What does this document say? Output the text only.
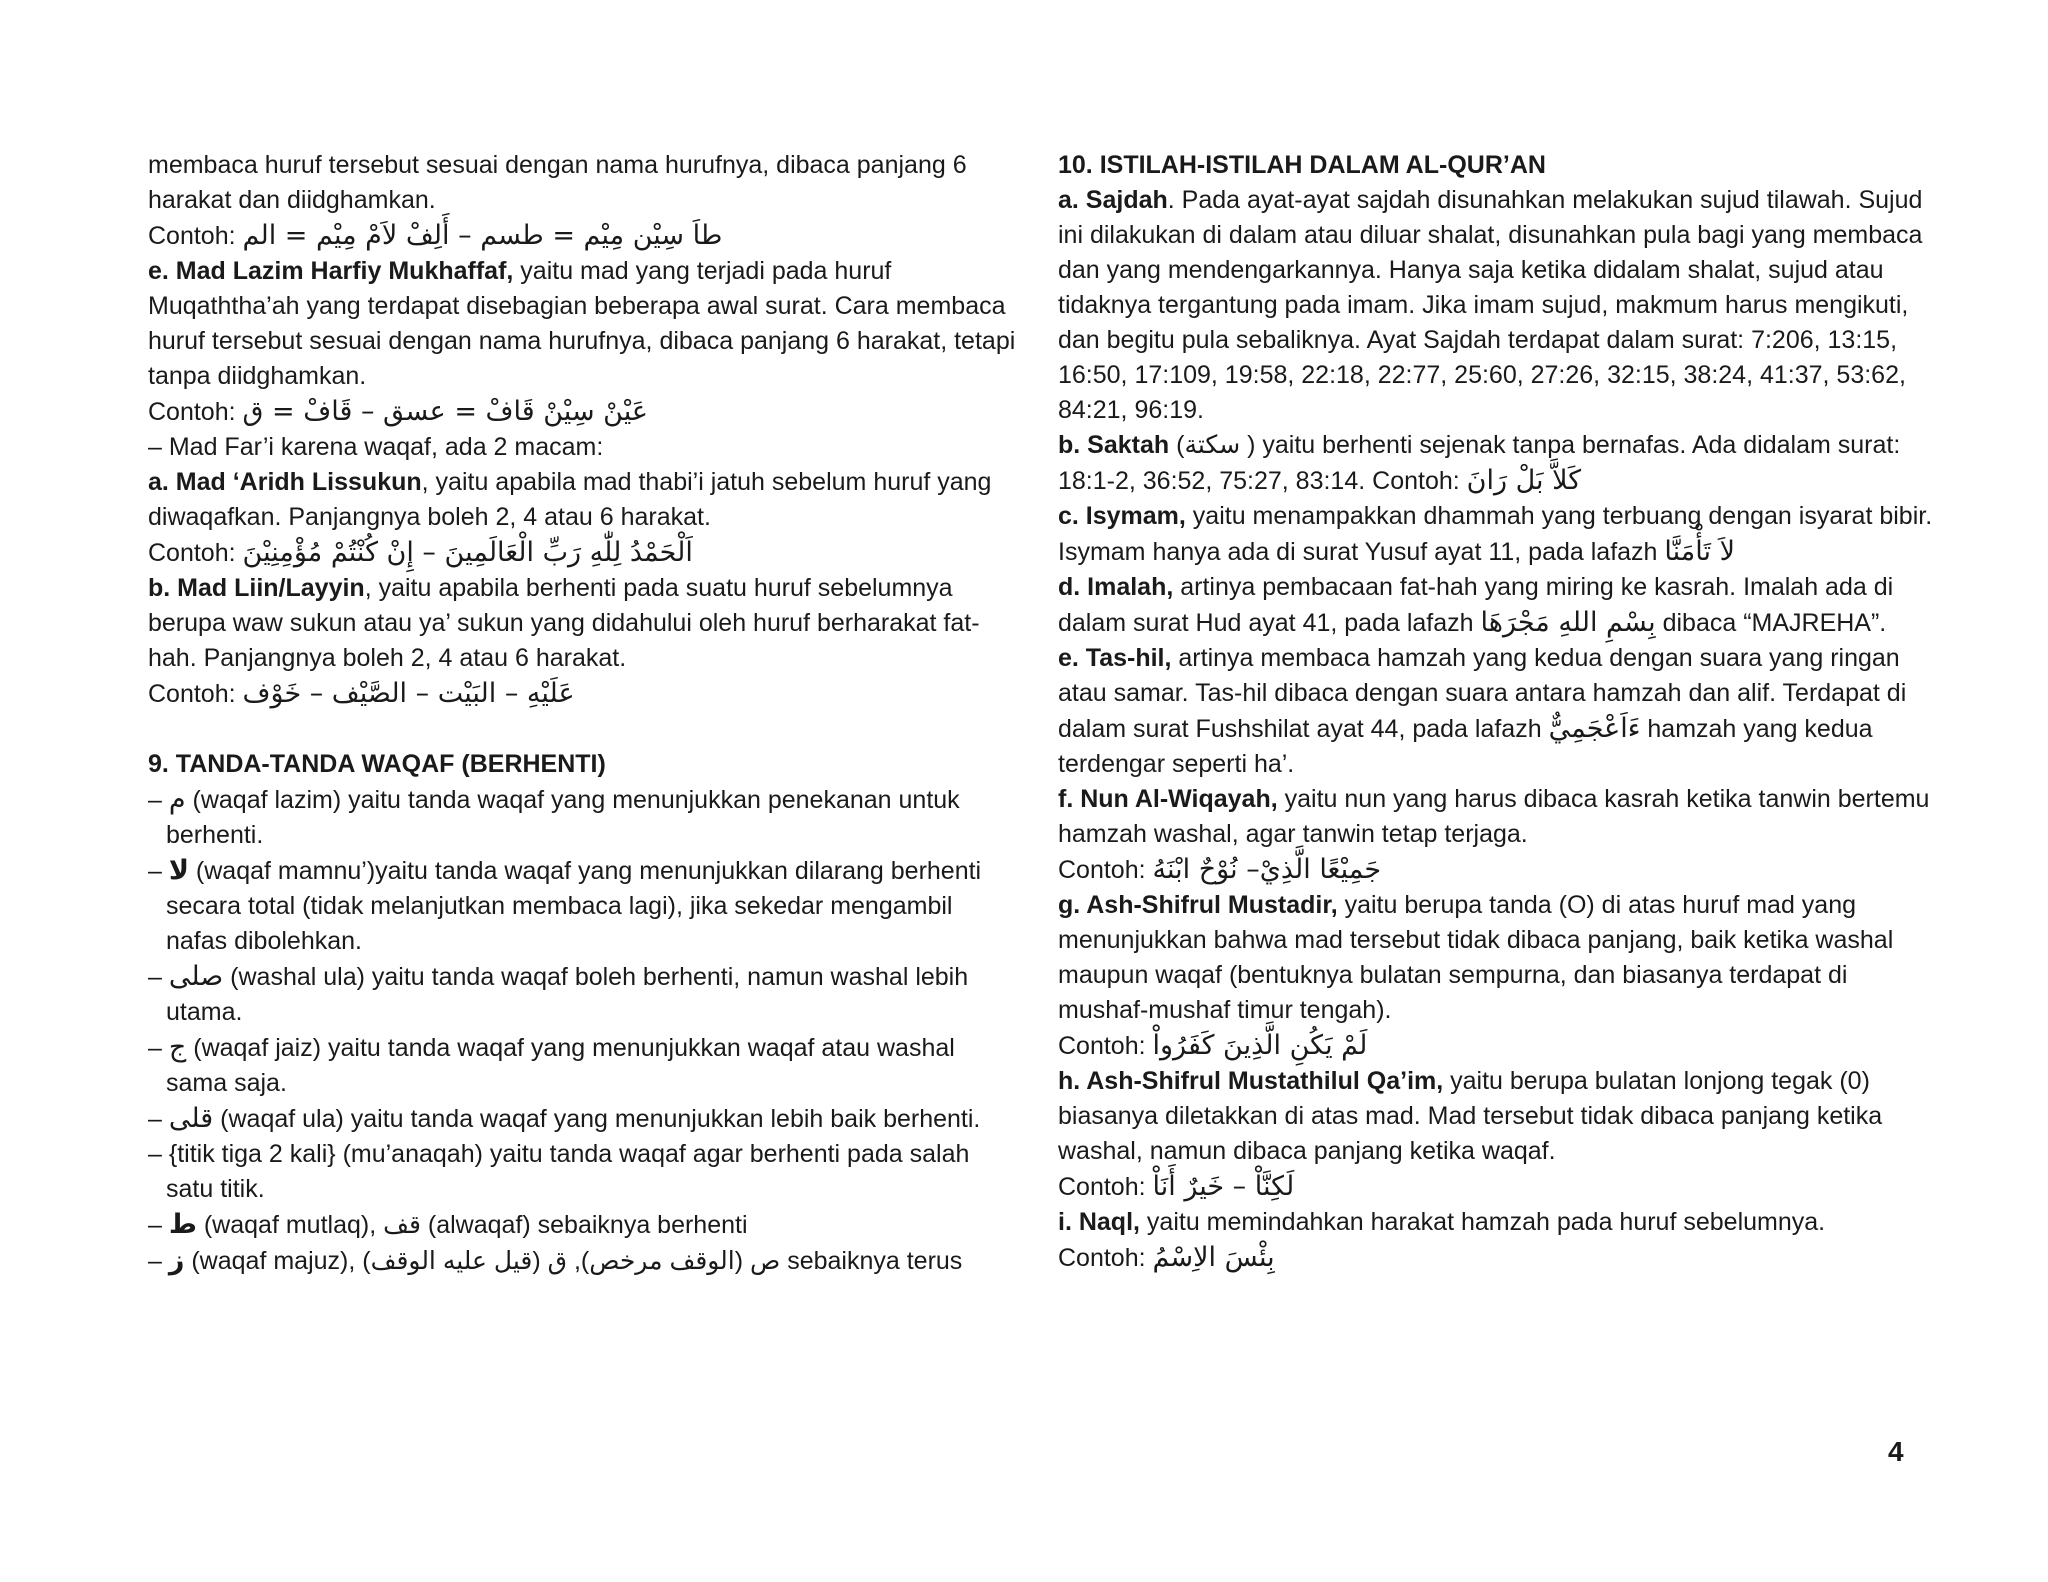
membaca huruf tersebut sesuai dengan nama hurufnya, dibaca panjang 6 harakat dan diidghamkan.

Contoh: طاَ سِيْن مِيْم = طسم – أَلِفْ لاَمْ مِيْم = الم

e. Mad Lazim Harfiy Mukhaffaf, yaitu mad yang terjadi pada huruf Muqaththa’ah yang terdapat disebagian beberapa awal surat. Cara membaca huruf tersebut sesuai dengan nama hurufnya, dibaca panjang 6 harakat, tetapi tanpa diidghamkan.

Contoh: عَيْنْ سِيْنْ قَافْ = عسق – قَافْ = ق

– Mad Far’i karena waqaf, ada 2 macam:

a. Mad ‘Aridh Lissukun, yaitu apabila mad thabi’i jatuh sebelum huruf yang diwaqafkan. Panjangnya boleh 2, 4 atau 6 harakat.

Contoh: اَلْحَمْدُ لِلّٰهِ رَبِّ الْعَالَمِينَ – إِنْ كُنْتُمْ مُؤْمِنِيْنَ

b. Mad Liin/Layyin, yaitu apabila berhenti pada suatu huruf sebelumnya berupa waw sukun atau ya’ sukun yang didahului oleh huruf berharakat fat-hah. Panjangnya boleh 2, 4 atau 6 harakat.

Contoh: عَلَيْهِ – البَيْت – الصَّيْف – خَوْف

9. TANDA-TANDA WAQAF (BERHENTI)

– م (waqaf lazim) yaitu tanda waqaf yang menunjukkan penekanan untuk berhenti.

– لا (waqaf mamnu’)yaitu tanda waqaf yang menunjukkan dilarang berhenti secara total (tidak melanjutkan membaca lagi), jika sekedar mengambil nafas dibolehkan.

– صلى (washal ula) yaitu tanda waqaf boleh berhenti, namun washal lebih utama.

– ج (waqaf jaiz) yaitu tanda waqaf yang menunjukkan waqaf atau washal sama saja.

– قلى (waqaf ula) yaitu tanda waqaf yang menunjukkan lebih baik berhenti.

– {titik tiga 2 kali} (mu’anaqah) yaitu tanda waqaf agar berhenti pada salah satu titik.

– ط (waqaf mutlaq), قف (alwaqaf) sebaiknya berhenti

– ز (waqaf majuz), ص (الوقف مرخص), ق (قيل عليه الوقف) sebaiknya terus

10. ISTILAH-ISTILAH DALAM AL-QUR’AN

a. Sajdah. Pada ayat-ayat sajdah disunahkan melakukan sujud tilawah. Sujud ini dilakukan di dalam atau diluar shalat, disunahkan pula bagi yang membaca dan yang mendengarkannya. Hanya saja ketika didalam shalat, sujud atau tidaknya tergantung pada imam. Jika imam sujud, makmum harus mengikuti, dan begitu pula sebaliknya. Ayat Sajdah terdapat dalam surat: 7:206, 13:15, 16:50, 17:109, 19:58, 22:18, 22:77, 25:60, 27:26, 32:15, 38:24, 41:37, 53:62, 84:21, 96:19.

b. Saktah (سكتة ) yaitu berhenti sejenak tanpa bernafas. Ada didalam surat: 18:1-2, 36:52, 75:27, 83:14. Contoh: كَلاَّ بَلْ رَانَ

c. Isymam, yaitu menampakkan dhammah yang terbuang dengan isyarat bibir. Isymam hanya ada di surat Yusuf ayat 11, pada lafazh لاَ تَأْمَنَّا

d. Imalah, artinya pembacaan fat-hah yang miring ke kasrah. Imalah ada di dalam surat Hud ayat 41, pada lafazh بِسْمِ اللهِ مَجْرَهَا dibaca “MAJREHA”.

e. Tas-hil, artinya membaca hamzah yang kedua dengan suara yang ringan atau samar. Tas-hil dibaca dengan suara antara hamzah dan alif. Terdapat di dalam surat Fushshilat ayat 44, pada lafazh ءَاَعْجَمِيٌّ hamzah yang kedua terdengar seperti ha’.

f. Nun Al-Wiqayah, yaitu nun yang harus dibaca kasrah ketika tanwin bertemu hamzah washal, agar tanwin tetap terjaga.

Contoh: جَمِيْعًا الَّذِيْ– نُوْحٌ ابْنَهُ

g. Ash-Shifrul Mustadir, yaitu berupa tanda (O) di atas huruf mad yang menunjukkan bahwa mad tersebut tidak dibaca panjang, baik ketika washal maupun waqaf (bentuknya bulatan sempurna, dan biasanya terdapat di mushaf-mushaf timur tengah).

Contoh: لَمْ يَكُنِ الَّذِينَ كَفَرُواْ

h. Ash-Shifrul Mustathilul Qa’im, yaitu berupa bulatan lonjong tegak (0) biasanya diletakkan di atas mad. Mad tersebut tidak dibaca panjang ketika washal, namun dibaca panjang ketika waqaf.

Contoh: لَكِنَّاْ – خَيرٌ أَنَاْ

i. Naql, yaitu memindahkan harakat hamzah pada huruf sebelumnya.

Contoh: بِئْسَ الاِسْمُ

4
